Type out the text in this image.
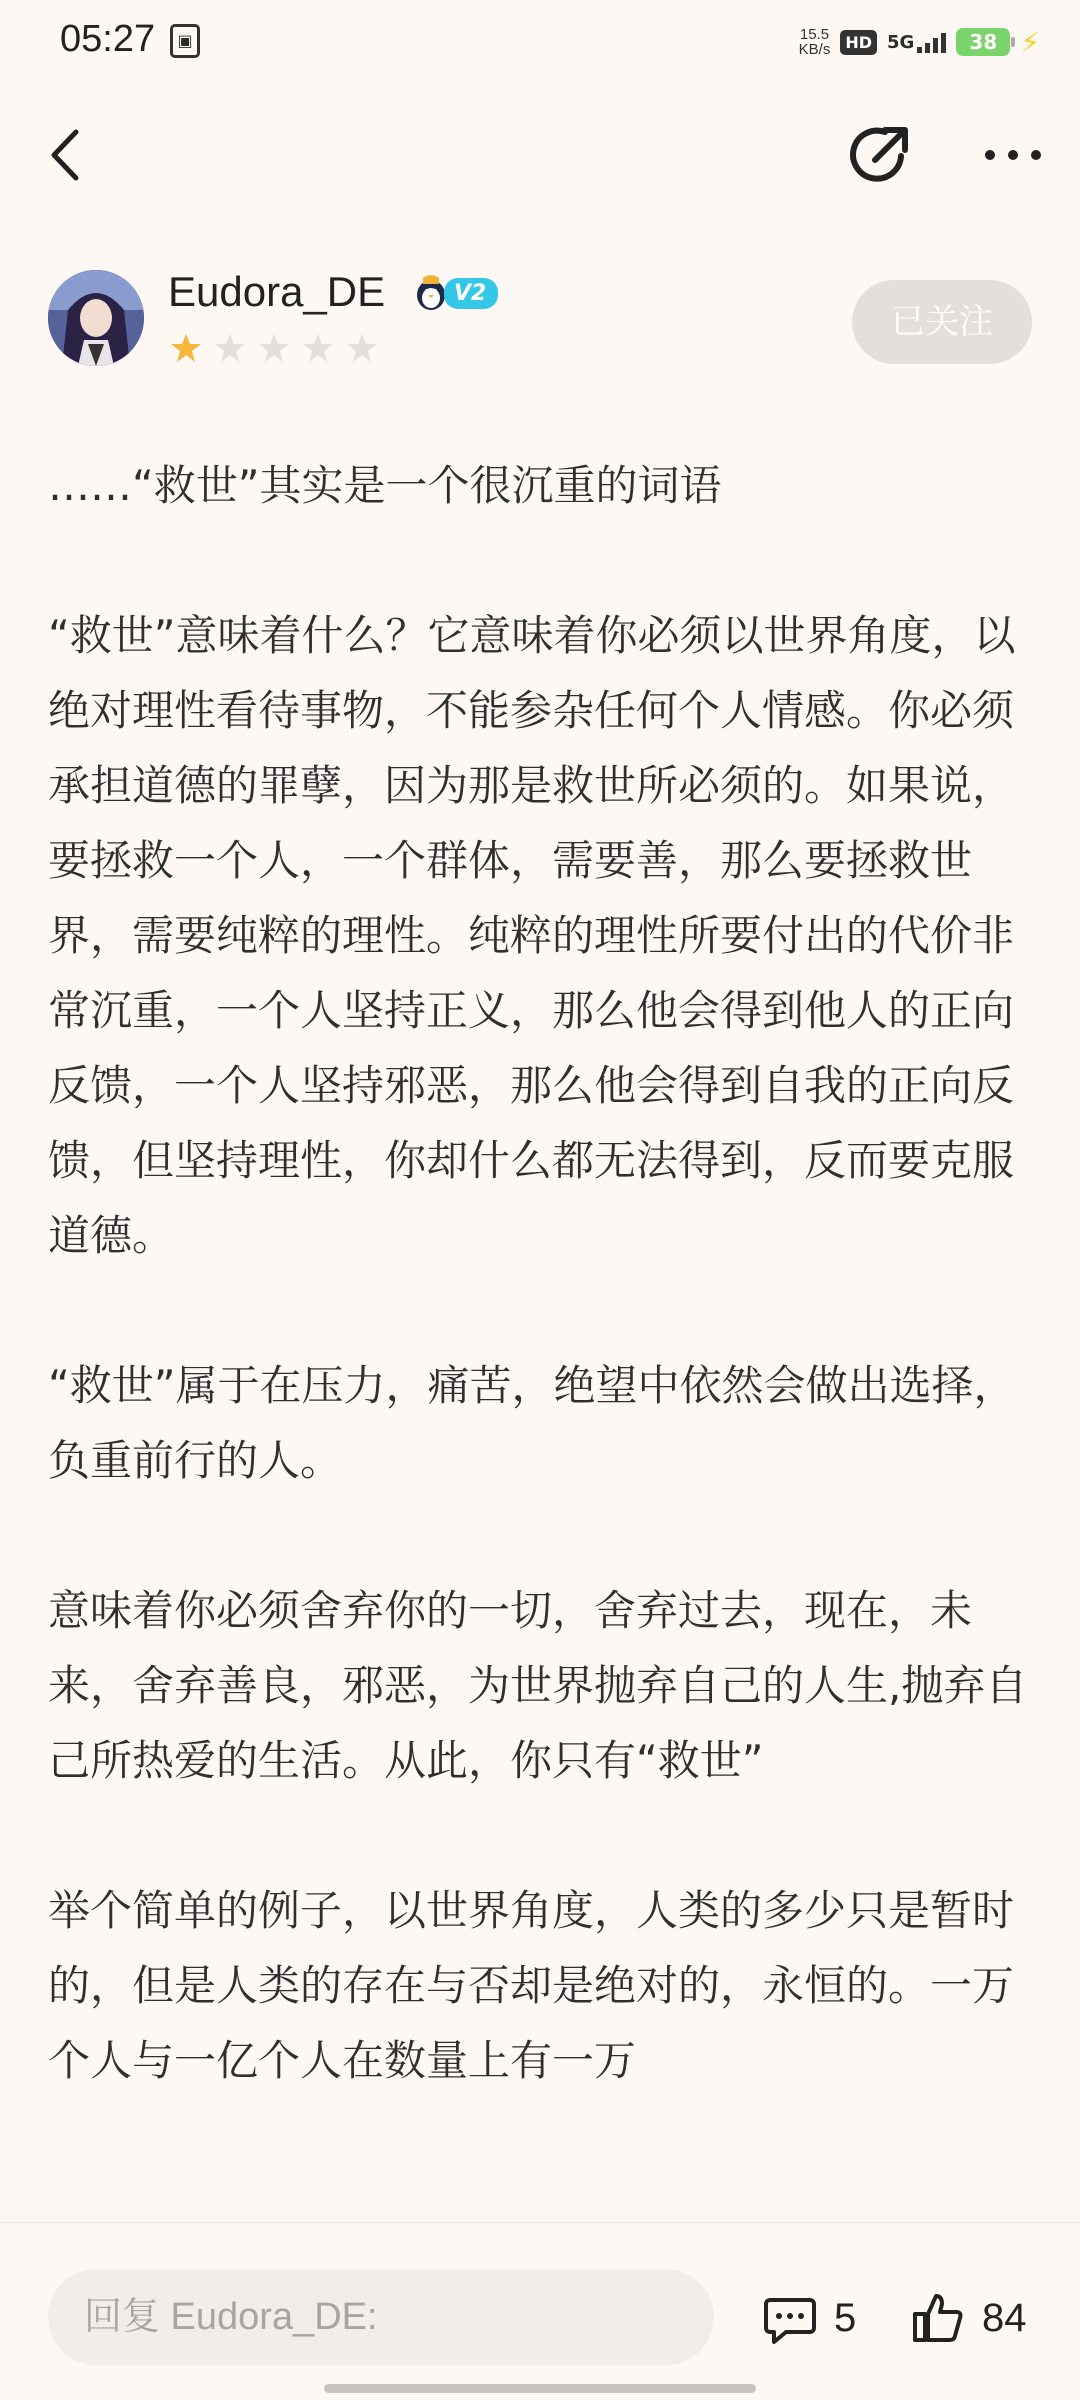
05:27	▣	15.5
KB/s HD 5G	38 ⚡
Eudora_DE	V2
已关注

……“救世”其实是一个很沉重的词语

“救世”意味着什么？它意味着你必须以世界角度，以绝对理性看待事物，不能参杂任何个人情感。你必须承担道德的罪孽，因为那是救世所必须的。如果说，要拯救一个人，一个群体，需要善，那么要拯救世界，需要纯粹的理性。纯粹的理性所要付出的代价非常沉重，一个人坚持正义，那么他会得到他人的正向反馈，一个人坚持邪恶，那么他会得到自我的正向反馈，但坚持理性，你却什么都无法得到，反而要克服道德。

“救世”属于在压力，痛苦，绝望中依然会做出选择，负重前行的人。

意味着你必须舍弃你的一切，舍弃过去，现在，未来，舍弃善良，邪恶，为世界抛弃自己的人生,抛弃自己所热爱的生活。从此，你只有“救世”

举个简单的例子，以世界角度，人类的多少只是暂时的，但是人类的存在与否却是绝对的，永恒的。一万个人与一亿个人在数量上有一万

回复 Eudora_DE:
5	84
